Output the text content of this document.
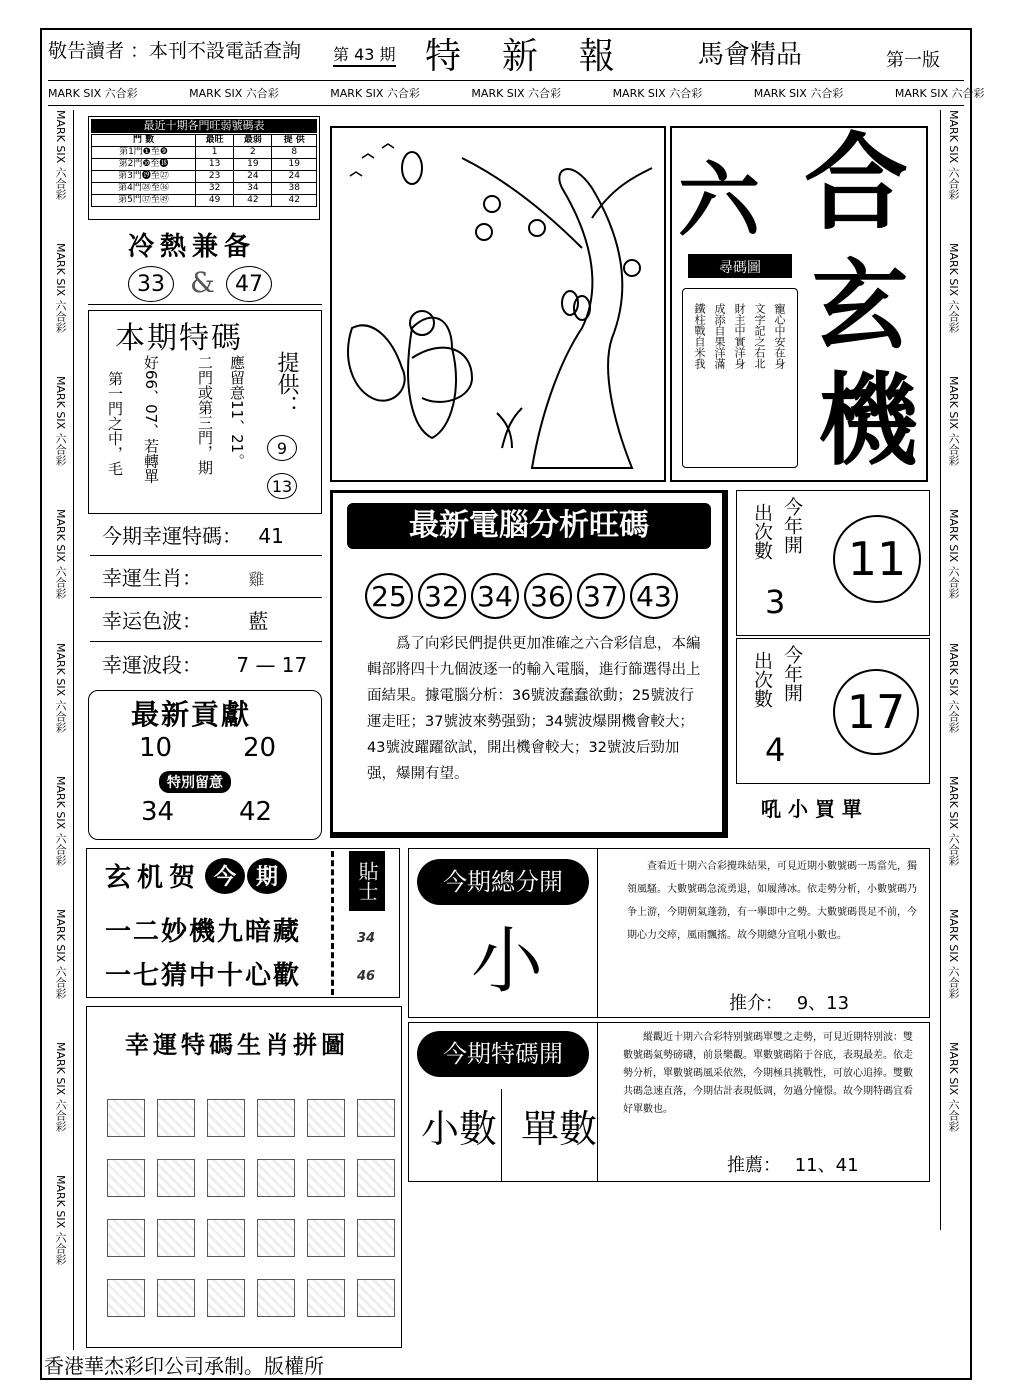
敬告讀者 ：本刊不設電話查詢 第 43 期 特  新  報	馬會精品	第一版
MARK SIX 六合彩	MARK SIX 六合彩	MARK SIX 六合彩	MARK SIX 六合彩	MARK SIX 六合彩	MARK SIX 六合彩	MARK SIX 六合彩
MARK SIX 六合彩 MARK SIX 六合彩 MARK SIX 六合彩 MARK SIX 六合彩 MARK SIX 六合彩 MARK SIX 六合彩 MARK SIX 六合彩 MARK SIX 六合彩 MARK SIX 六合彩
MARK SIX 六合彩 MARK SIX 六合彩 MARK SIX 六合彩 MARK SIX 六合彩 MARK SIX 六合彩 MARK SIX 六合彩 MARK SIX 六合彩 MARK SIX 六合彩
最近十期各門旺弱號碼表
門 數	最旺	最弱	提 供
第1門❶至❾	1	2	8
第2門❿至⓲	13	19	19
第3門⓳至㉗	23	24	24
第4門㉘至㊱	32	34	38
第5門㊲至㊾	49	42	42
冷熱兼备
33 & 47
本期特碼
第一門之中，毛 好66、07、若轉單 二門或第三門，期 應留意11、21。 提供：
9
13
今期幸運特碼： 41
幸運生肖：	雞
幸运色波： 藍
幸運波段： 7 — 17
最新貢獻
10	20
特別留意
34 42
六 合
玄
機
尋碼圖
寵心中安在身
文字記之右北
財主中實洋身
成添自果洋滿
鐵柱戰自米我
最新電腦分析旺碼
25 32 34 36 37 43
爲了向彩民們提供更加准確之六合彩信息，本編輯部將四十九個波逐一的輸入電腦，進行篩選得出上面結果。據電腦分析：36號波蠢蠢欲動；25號波行運走旺；37號波來勢强勁；34號波爆開機會較大；43號波躍躍欲試，開出機會較大；32號波后勁加强，爆開有望。
今年開
出次數
3
11
今年開
出次數
4
17
玄机贺 今 期
一二妙機九暗藏
一七猜中十心歡
貼士
34
46
今期總分開
小
吼 小 買 單
查看近十期六合彩攪珠結果，可見近期小數號碼一馬當先，獨領風騷。大數號碼急流勇退，如履薄冰。依走勢分析，小數號碼乃争上游，今期朝氣蓬勃，有一擧即中之勢。大數號碼畏足不前，今期心力交瘁，風雨飄搖。故今期總分宜吼小數也。
推介： 9、13
今期特碼開
小數 單數
縱觀近十期六合彩特别號碼單雙之走勢，可見近期特別波：雙數號碼氣勢磅礴，前景樂觀。單數號碼陷于谷底，表現最差。依走勢分析，單數號碼風采依然，今期極具挑戰性，可放心追捧。雙數共碼急速直落，今期估計表現低调，勿過分憧憬。故今期特碼宜看好單數也。
推薦： 11、41
幸運特碼生肖拼圖

香港華杰彩印公司承制。版權所
